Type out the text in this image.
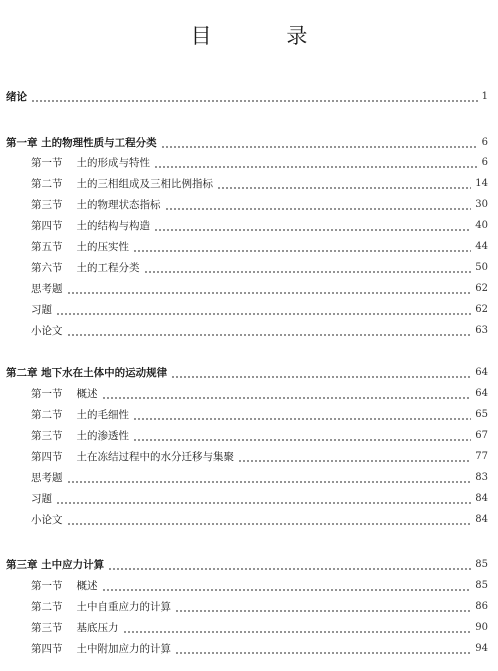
目 录
绪论	1
第一章 土的物理性质与工程分类	6
第一节 土的形成与特性	6
第二节 土的三相组成及三相比例指标	14
第三节 土的物理状态指标	30
第四节 土的结构与构造	40
第五节 土的压实性	44
第六节 土的工程分类	50
思考题	62
习题	62
小论文	63
第二章 地下水在土体中的运动规律	64
第一节 概述	64
第二节 土的毛细性	65
第三节 土的渗透性	67
第四节 土在冻结过程中的水分迁移与集聚	77
思考题	83
习题	84
小论文	84
第三章 土中应力计算	85
第一节 概述	85
第二节 土中自重应力的计算	86
第三节 基底压力	90
第四节 土中附加应力的计算	94
